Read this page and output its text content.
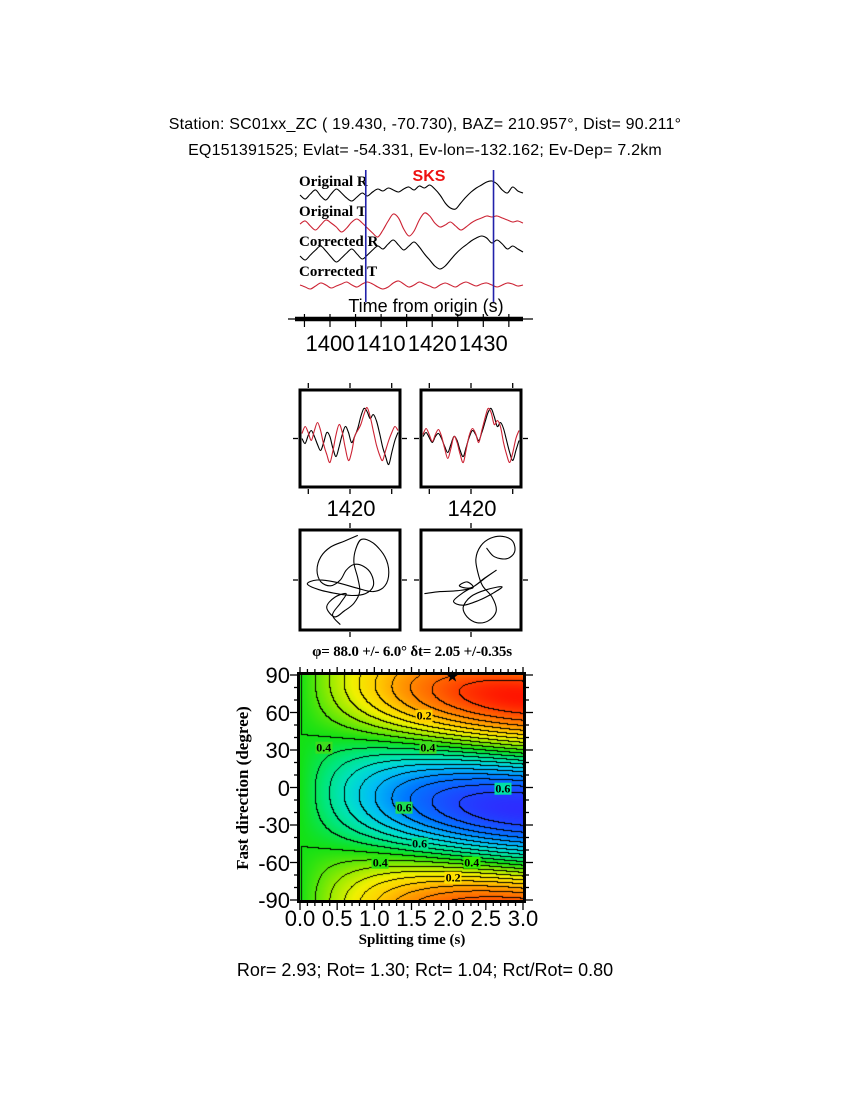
Station: SC01xx_ZC ( 19.430, -70.730), BAZ= 210.957°, Dist= 90.211°
EQ151391525; Evlat= -54.331, Ev-lon=-132.162; Ev-Dep= 7.2km
Original R
Original T
Corrected R
Corrected T
SKS
Time from origin (s)
1400 1410 1420 1430
1420	1420
φ= 88.0 +/- 6.0° δt= 2.05 +/-0.35s
Fast direction (degree)
0.0 0.5 1.0 1.5 2.0 2.5 3.0
90
60
30
0
-30
-60
-90
0.2
0.4	0.4
0.6
0.6
0.6
0.4	0.4
0.2
★
Splitting time (s)
Ror= 2.93; Rot= 1.30; Rct= 1.04; Rct/Rot= 0.80
